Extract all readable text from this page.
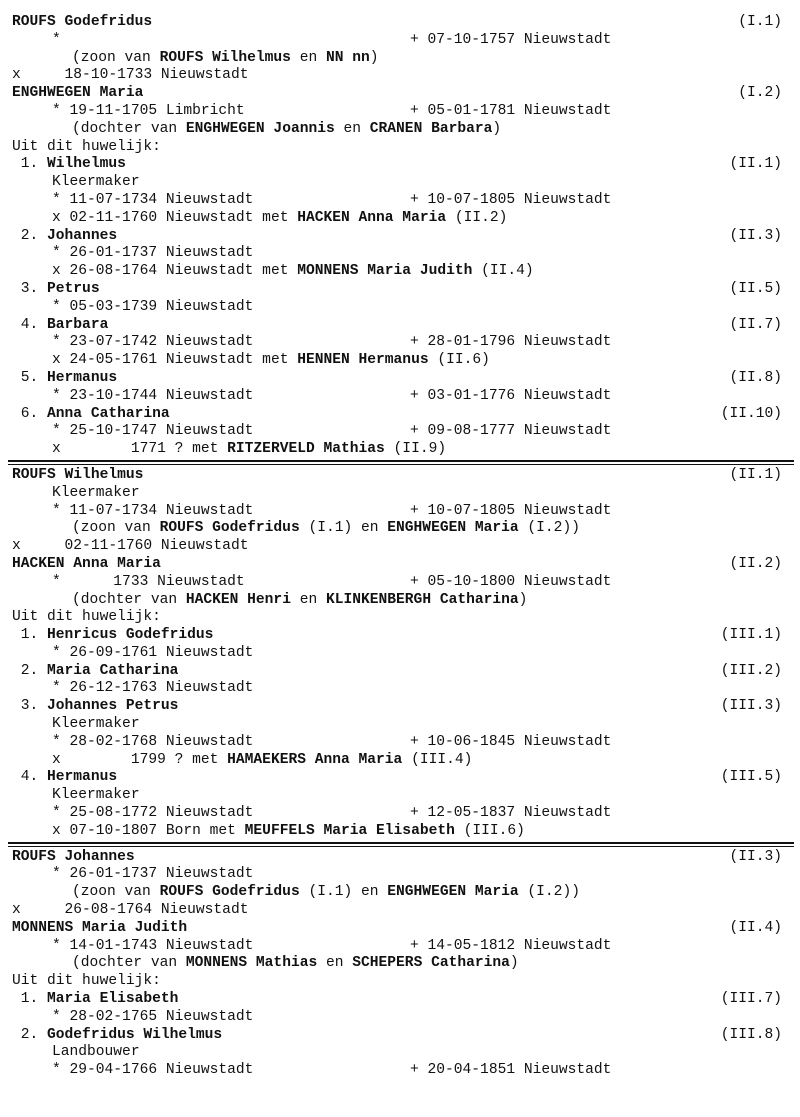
ROUFS Godefridus	(I.1)
*	+ 07-10-1757 Nieuwstadt
(zoon van ROUFS Wilhelmus en NN nn)
x     18-10-1733 Nieuwstadt
ENGHWEGEN Maria	(I.2)
* 19-11-1705 Limbricht	+ 05-01-1781 Nieuwstadt
(dochter van ENGHWEGEN Joannis en CRANEN Barbara)
Uit dit huwelijk:
1. Wilhelmus	(II.1)
Kleermaker
* 11-07-1734 Nieuwstadt	+ 10-07-1805 Nieuwstadt
x 02-11-1760 Nieuwstadt met HACKEN Anna Maria (II.2)
2. Johannes	(II.3)
* 26-01-1737 Nieuwstadt
x 26-08-1764 Nieuwstadt met MONNENS Maria Judith (II.4)
3. Petrus	(II.5)
* 05-03-1739 Nieuwstadt
4. Barbara	(II.7)
* 23-07-1742 Nieuwstadt	+ 28-01-1796 Nieuwstadt
x 24-05-1761 Nieuwstadt met HENNEN Hermanus (II.6)
5. Hermanus	(II.8)
* 23-10-1744 Nieuwstadt	+ 03-01-1776 Nieuwstadt
6. Anna Catharina	(II.10)
* 25-10-1747 Nieuwstadt	+ 09-08-1777 Nieuwstadt
x        1771 ? met RITZERVELD Mathias (II.9)
ROUFS Wilhelmus	(II.1)
Kleermaker
* 11-07-1734 Nieuwstadt	+ 10-07-1805 Nieuwstadt
(zoon van ROUFS Godefridus (I.1) en ENGHWEGEN Maria (I.2))
x     02-11-1760 Nieuwstadt
HACKEN Anna Maria	(II.2)
*      1733 Nieuwstadt	+ 05-10-1800 Nieuwstadt
(dochter van HACKEN Henri en KLINKENBERGH Catharina)
Uit dit huwelijk:
1. Henricus Godefridus	(III.1)
* 26-09-1761 Nieuwstadt
2. Maria Catharina	(III.2)
* 26-12-1763 Nieuwstadt
3. Johannes Petrus	(III.3)
Kleermaker
* 28-02-1768 Nieuwstadt	+ 10-06-1845 Nieuwstadt
x        1799 ? met HAMAEKERS Anna Maria (III.4)
4. Hermanus	(III.5)
Kleermaker
* 25-08-1772 Nieuwstadt	+ 12-05-1837 Nieuwstadt
x 07-10-1807 Born met MEUFFELS Maria Elisabeth (III.6)
ROUFS Johannes	(II.3)
* 26-01-1737 Nieuwstadt
(zoon van ROUFS Godefridus (I.1) en ENGHWEGEN Maria (I.2))
x     26-08-1764 Nieuwstadt
MONNENS Maria Judith	(II.4)
* 14-01-1743 Nieuwstadt	+ 14-05-1812 Nieuwstadt
(dochter van MONNENS Mathias en SCHEPERS Catharina)
Uit dit huwelijk:
1. Maria Elisabeth	(III.7)
* 28-02-1765 Nieuwstadt
2. Godefridus Wilhelmus	(III.8)
Landbouwer
* 29-04-1766 Nieuwstadt	+ 20-04-1851 Nieuwstadt
